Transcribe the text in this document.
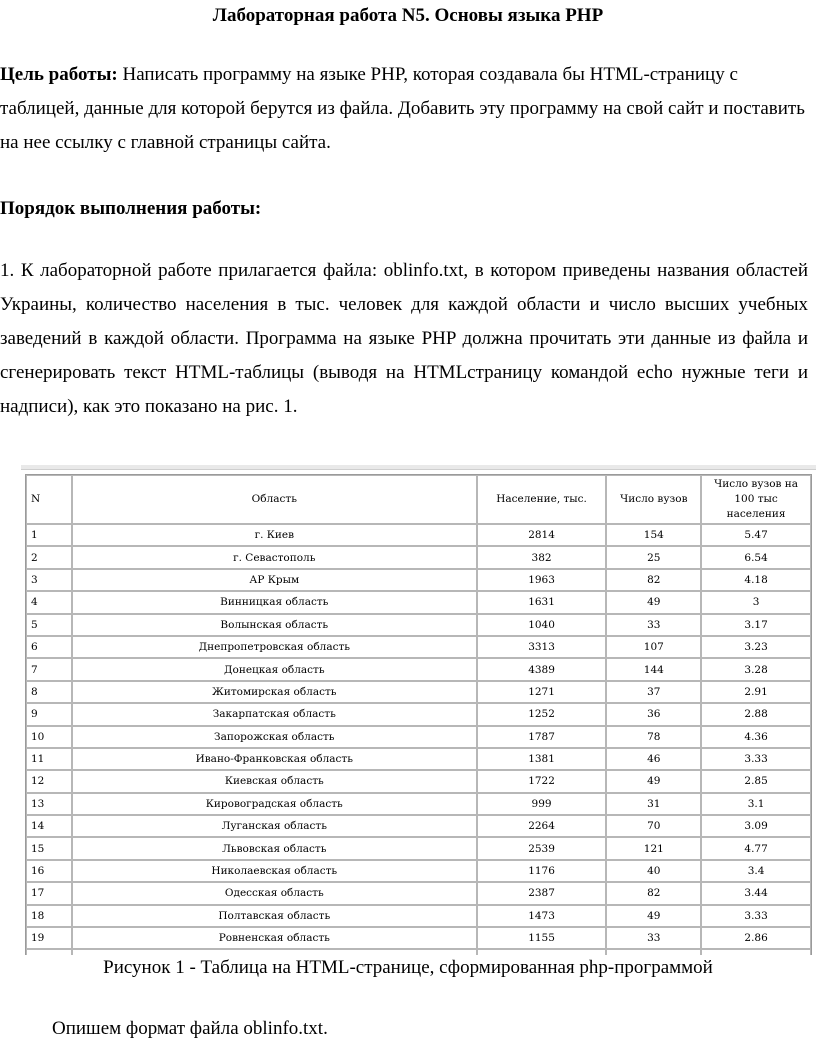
Лабораторная работа N5. Основы языка PHP
Цель работы: Написать программу на языке PHP, которая создавала бы HTML-страницу с таблицей, данные для которой берутся из файла. Добавить эту программу на свой сайт и поставить на нее ссылку с главной страницы сайта.
Порядок выполнения работы:
1. К лабораторной работе прилагается файла: oblinfo.txt, в котором приведены названия областей Украины, количество населения в тыс. человек для каждой области и число высших учебных заведений в каждой области. Программа на языке PHP должна прочитать эти данные из файла и сгенерировать текст HTML-таблицы (выводя на HTMLстраницу командой echo нужные теги и надписи), как это показано на рис. 1.
N	Область	Население, тыс.	Число вузов	Число вузов на 100 тыс населения
1	г. Киев	2814	154	5.47
2	г. Севастополь	382	25	6.54
3	АР Крым	1963	82	4.18
4	Винницкая область	1631	49	3
5	Волынская область	1040	33	3.17
6	Днепропетровская область	3313	107	3.23
7	Донецкая область	4389	144	3.28
8	Житомирская область	1271	37	2.91
9	Закарпатская область	1252	36	2.88
10	Запорожская область	1787	78	4.36
11	Ивано-Франковская область	1381	46	3.33
12	Киевская область	1722	49	2.85
13	Кировоградская область	999	31	3.1
14	Луганская область	2264	70	3.09
15	Львовская область	2539	121	4.77
16	Николаевская область	1176	40	3.4
17	Одесская область	2387	82	3.44
18	Полтавская область	1473	49	3.33
19	Ровненская область	1155	33	2.86

Рисунок 1 - Таблица на HTML-странице, сформированная php-программой
Опишем формат файла oblinfo.txt.
